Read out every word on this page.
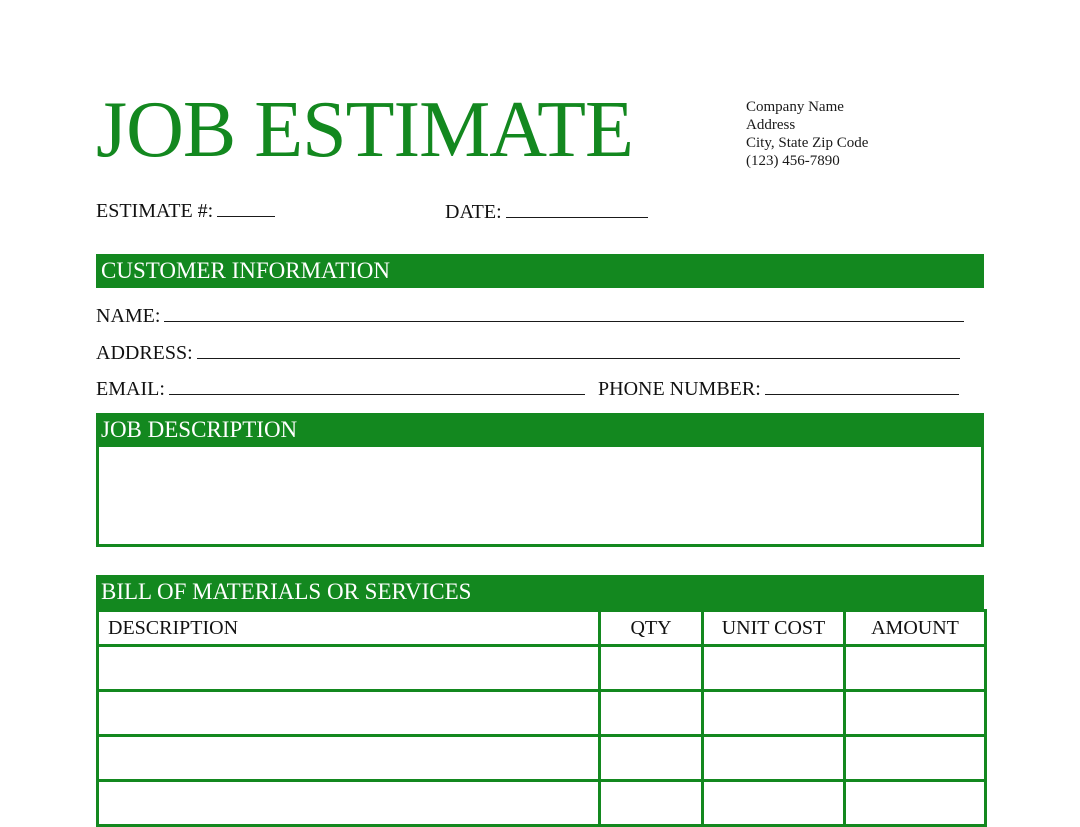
JOB ESTIMATE	Company Name
Address
City, State Zip Code
(123) 456-7890
ESTIMATE #:	DATE:
CUSTOMER INFORMATION
NAME:
ADDRESS:
EMAIL:	PHONE NUMBER:
JOB DESCRIPTION
BILL OF MATERIALS OR SERVICES
DESCRIPTION	QTY	UNIT COST	AMOUNT
